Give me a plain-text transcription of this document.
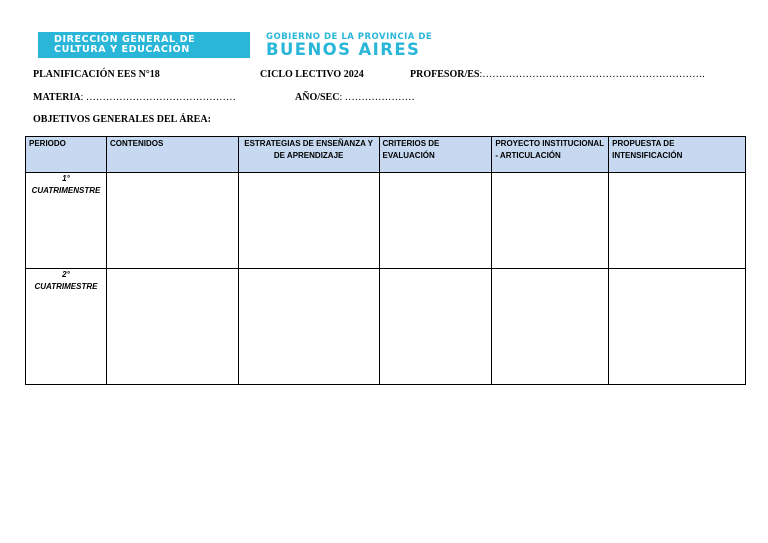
DIRECCIÓN GENERAL DE
CULTURA Y EDUCACIÓN
GOBIERNO DE LA PROVINCIA DE
BUENOS AIRES
PLANIFICACIÓN EES N°18	CICLO LECTIVO 2024	PROFESOR/ES:………………………………………………………….
MATERIA: ………………………………………	AÑO/SEC: …………………
OBJETIVOS GENERALES DEL ÁREA:
PERIODO	CONTENIDOS	ESTRATEGIAS DE ENSEÑANZA Y DE APRENDIZAJE	CRITERIOS DE EVALUACIÓN	PROYECTO INSTITUCIONAL - ARTICULACIÓN	PROPUESTA DE INTENSIFICACIÓN

1° CUATRIMENSTRE					

2° CUATRIMESTRE					
